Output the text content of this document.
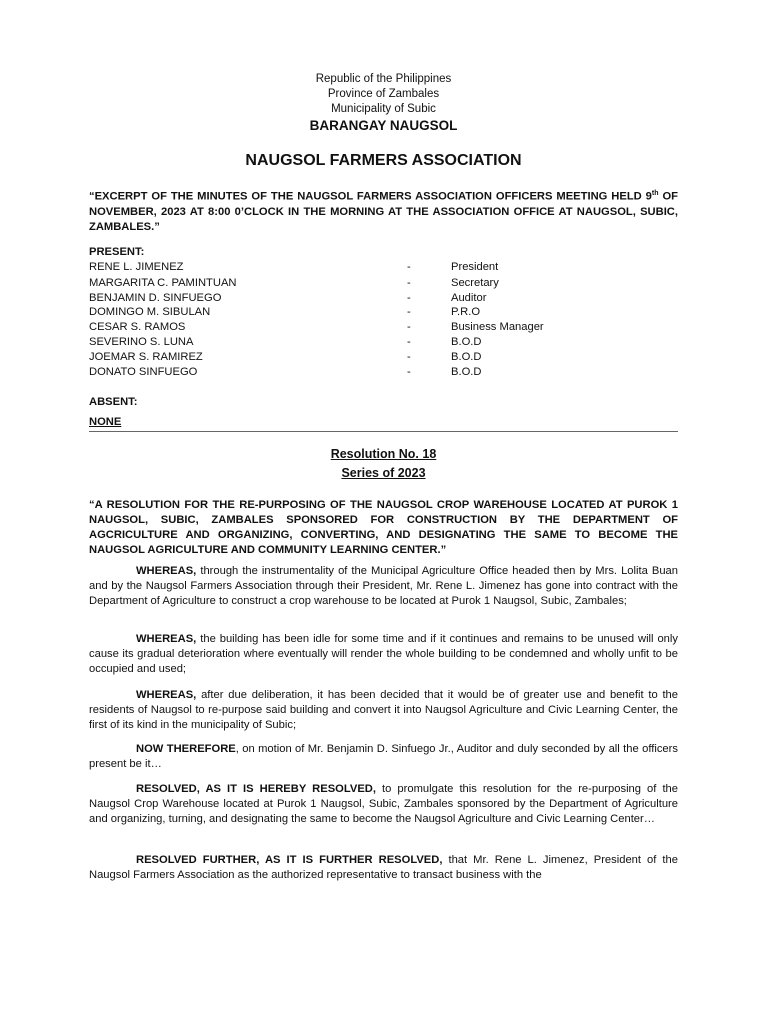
Republic of the Philippines
Province of Zambales
Municipality of Subic
BARANGAY NAUGSOL
NAUGSOL FARMERS ASSOCIATION
“EXCERPT OF THE MINUTES OF THE NAUGSOL FARMERS ASSOCIATION OFFICERS MEETING HELD 9th OF NOVEMBER, 2023 AT 8:00 0’CLOCK IN THE MORNING AT THE ASSOCIATION OFFICE AT NAUGSOL, SUBIC, ZAMBALES.”
PRESENT:
RENE L. JIMENEZ	-	President
MARGARITA C. PAMINTUAN	-	Secretary
BENJAMIN D. SINFUEGO	-	Auditor
DOMINGO M. SIBULAN	-	P.R.O
CESAR S. RAMOS	-	Business Manager
SEVERINO S. LUNA	-	B.O.D
JOEMAR S. RAMIREZ	-	B.O.D
DONATO SINFUEGO	-	B.O.D
ABSENT:
NONE
Resolution No. 18
Series of 2023
“A RESOLUTION FOR THE RE-PURPOSING OF THE NAUGSOL CROP WAREHOUSE LOCATED AT PUROK 1 NAUGSOL, SUBIC, ZAMBALES SPONSORED FOR CONSTRUCTION BY THE DEPARTMENT OF AGCRICULTURE AND ORGANIZING, CONVERTING, AND DESIGNATING THE SAME TO BECOME THE NAUGSOL AGRICULTURE AND COMMUNITY LEARNING CENTER.”
WHEREAS, through the instrumentality of the Municipal Agriculture Office headed then by Mrs. Lolita Buan and by the Naugsol Farmers Association through their President, Mr. Rene L. Jimenez has gone into contract with the Department of Agriculture to construct a crop warehouse to be located at Purok 1 Naugsol, Subic, Zambales;
WHEREAS, the building has been idle for some time and if it continues and remains to be unused will only cause its gradual deterioration where eventually will render the whole building to be condemned and wholly unfit to be occupied and used;
WHEREAS, after due deliberation, it has been decided that it would be of greater use and benefit to the residents of Naugsol to re-purpose said building and convert it into Naugsol Agriculture and Civic Learning Center, the first of its kind in the municipality of Subic;
NOW THEREFORE, on motion of Mr. Benjamin D. Sinfuego Jr., Auditor and duly seconded by all the officers present be it…
RESOLVED, AS IT IS HEREBY RESOLVED, to promulgate this resolution for the re-purposing of the Naugsol Crop Warehouse located at Purok 1 Naugsol, Subic, Zambales sponsored by the Department of Agriculture and organizing, turning, and designating the same to become the Naugsol Agriculture and Civic Learning Center…
RESOLVED FURTHER, AS IT IS FURTHER RESOLVED, that Mr. Rene L. Jimenez, President of the Naugsol Farmers Association as the authorized representative to transact business with the
